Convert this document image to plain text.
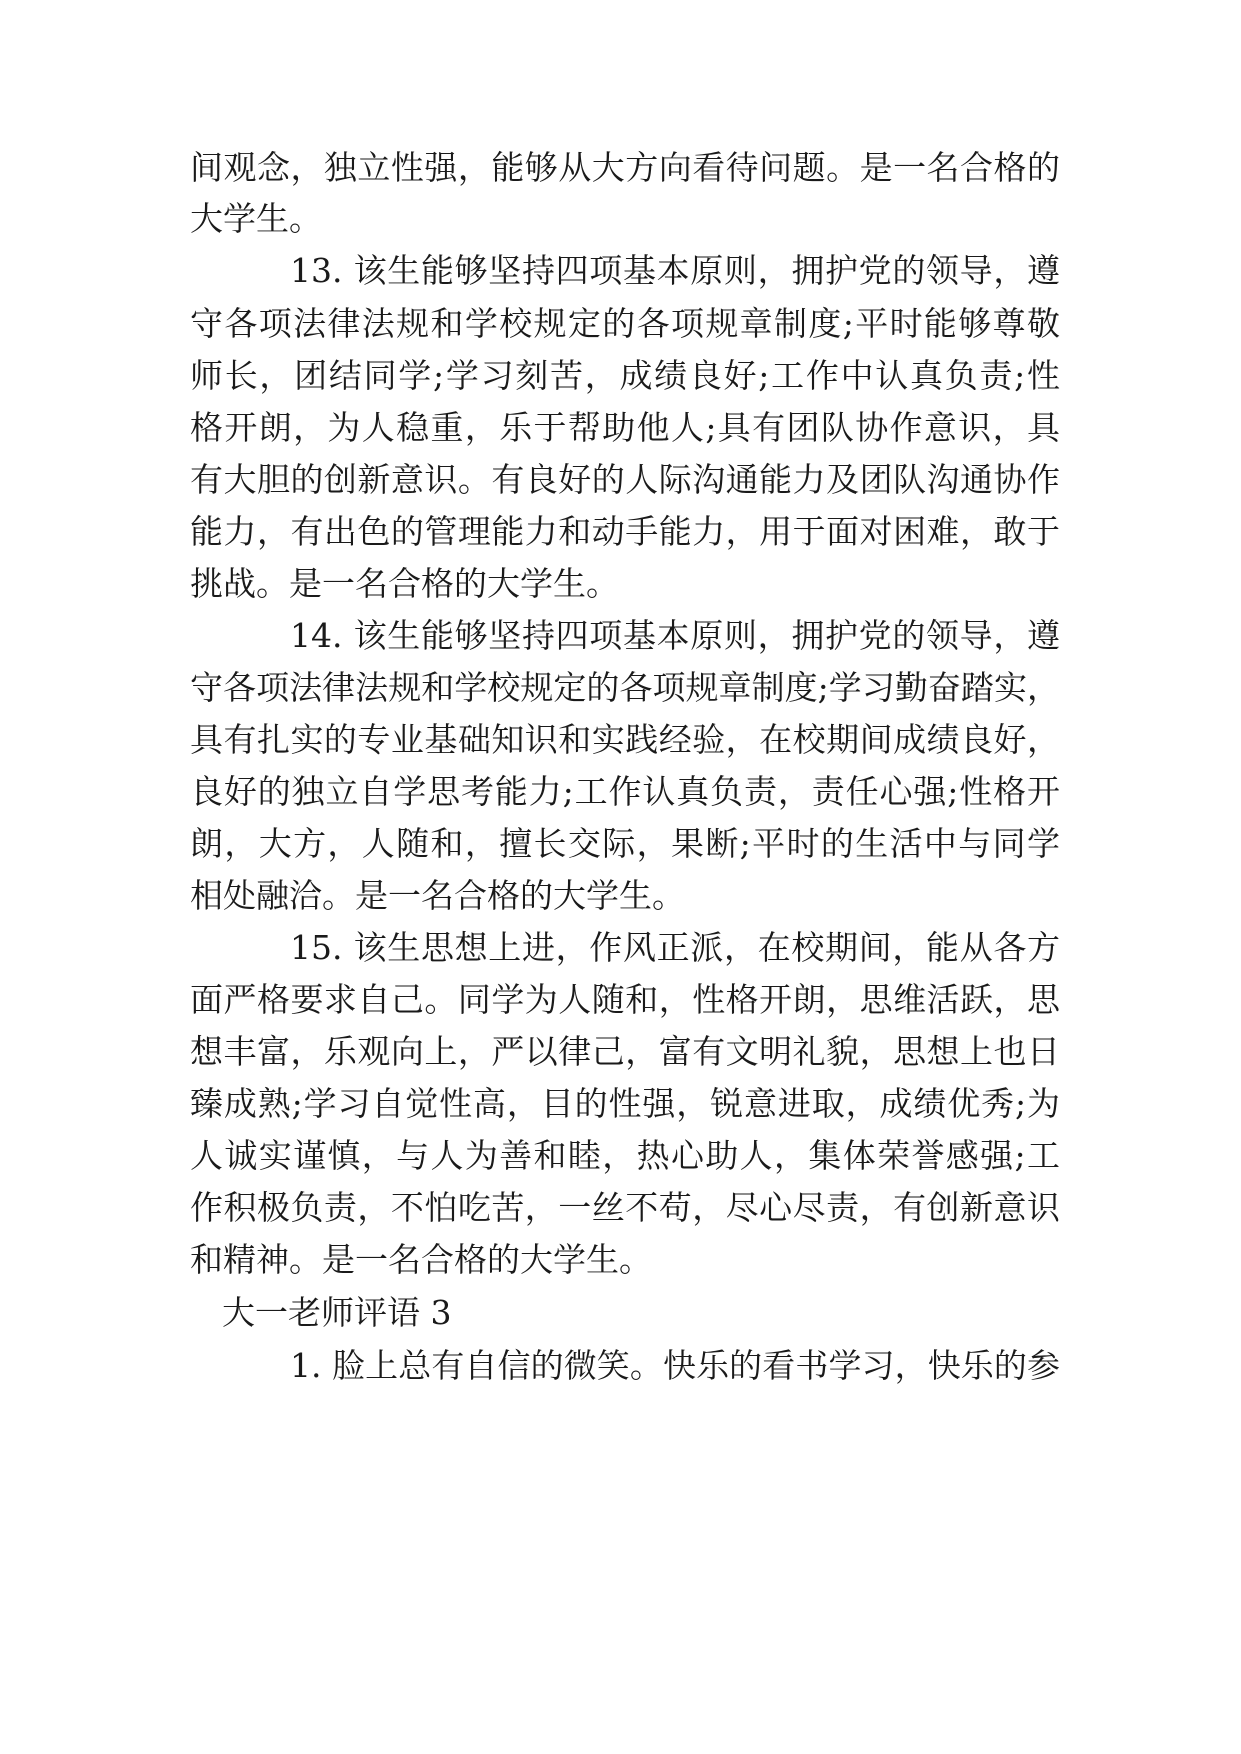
间观念，独立性强，能够从大方向看待问题。是一名合格的
大学生。
13. 该生能够坚持四项基本原则，拥护党的领导，遵
守各项法律法规和学校规定的各项规章制度;平时能够尊敬
师长，团结同学;学习刻苦，成绩良好;工作中认真负责;性
格开朗，为人稳重，乐于帮助他人;具有团队协作意识，具
有大胆的创新意识。有良好的人际沟通能力及团队沟通协作
能力，有出色的管理能力和动手能力，用于面对困难，敢于
挑战。是一名合格的大学生。
14. 该生能够坚持四项基本原则，拥护党的领导，遵
守各项法律法规和学校规定的各项规章制度;学习勤奋踏实，
具有扎实的专业基础知识和实践经验，在校期间成绩良好，
良好的独立自学思考能力;工作认真负责，责任心强;性格开
朗，大方，人随和，擅长交际，果断;平时的生活中与同学
相处融洽。是一名合格的大学生。
15. 该生思想上进，作风正派，在校期间，能从各方
面严格要求自己。同学为人随和，性格开朗，思维活跃，思
想丰富，乐观向上，严以律己，富有文明礼貌，思想上也日
臻成熟;学习自觉性高，目的性强，锐意进取，成绩优秀;为
人诚实谨慎，与人为善和睦，热心助人，集体荣誉感强;工
作积极负责，不怕吃苦，一丝不苟，尽心尽责，有创新意识
和精神。是一名合格的大学生。
大一老师评语 3
1. 脸上总有自信的微笑。快乐的看书学习，快乐的参
